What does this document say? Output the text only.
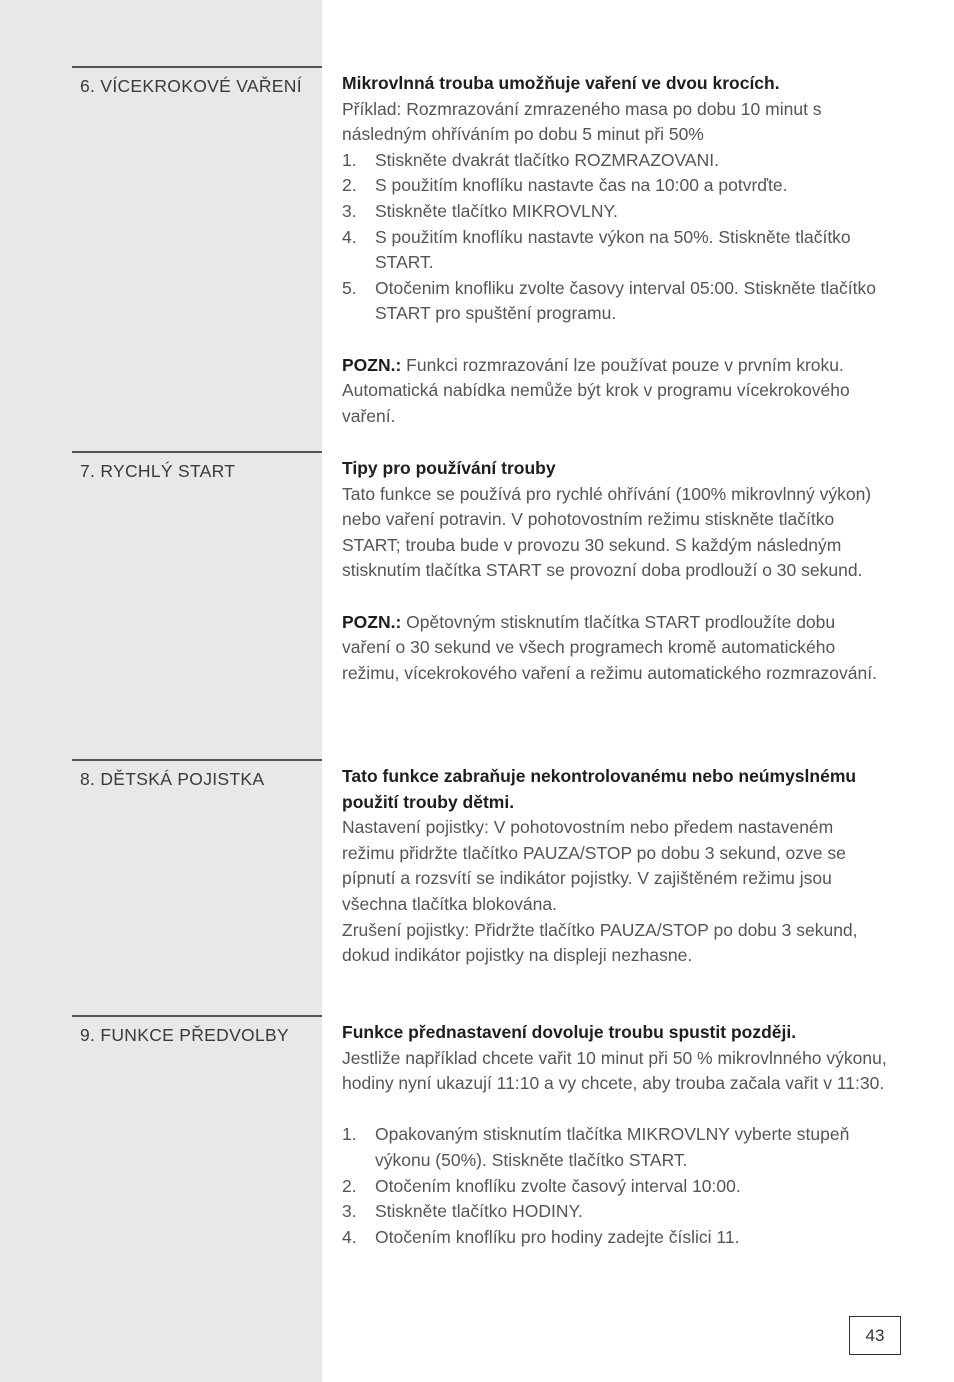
6. VÍCEKROKOVÉ VAŘENÍ	Mikrovlnná trouba umožňuje vaření ve dvou krocích.

Příklad: Rozmrazování zmrazeného masa po dobu 10 minut s následným ohříváním po dobu 5 minut při 50%

1. Stiskněte dvakrát tlačítko ROZMRAZOVANI.
2. S použitím knoflíku nastavte čas na 10:00 a potvrďte.
3. Stiskněte tlačítko MIKROVLNY.
4. S použitím knoflíku nastavte výkon na 50%. Stiskněte tlačítko START.
5. Otočenim knofliku zvolte časovy interval 05:00. Stiskněte tlačítko START pro spuštění programu.

POZN.: Funkci rozmrazování lze používat pouze v prvním kroku. Automatická nabídka nemůže být krok v programu vícekrokového vaření.

7. RYCHLÝ START	Tipy pro používání trouby

Tato funkce se používá pro rychlé ohřívání (100% mikrovlnný výkon) nebo vaření potravin. V pohotovostním režimu stiskněte tlačítko START; trouba bude v provozu 30 sekund. S každým následným stisknutím tlačítka START se provozní doba prodlouží o 30 sekund.

POZN.: Opětovným stisknutím tlačítka START prodloužíte dobu vaření o 30 sekund ve všech programech kromě automatického režimu, vícekrokového vaření a režimu automatického rozmrazování.

8. DĚTSKÁ POJISTKA	Tato funkce zabraňuje nekontrolovanému nebo neúmyslnému použití trouby dětmi.

Nastavení pojistky: V pohotovostním nebo předem nastaveném režimu přidržte tlačítko PAUZA/STOP po dobu 3 sekund, ozve se pípnutí a rozsvítí se indikátor pojistky. V zajištěném režimu jsou všechna tlačítka blokována.

Zrušení pojistky: Přidržte tlačítko PAUZA/STOP po dobu 3 sekund, dokud indikátor pojistky na displeji nezhasne.

9. FUNKCE PŘEDVOLBY	Funkce přednastavení dovoluje troubu spustit později.

Jestliže například chcete vařit 10 minut při 50 % mikrovlnného výkonu, hodiny nyní ukazují 11:10 a vy chcete, aby trouba začala vařit v 11:30.

1. Opakovaným stisknutím tlačítka MIKROVLNY vyberte stupeň výkonu (50%). Stiskněte tlačítko START.
2. Otočením knoflíku zvolte časový interval 10:00.
3. Stiskněte tlačítko HODINY.
4. Otočením knoflíku pro hodiny zadejte číslici 11.
43
